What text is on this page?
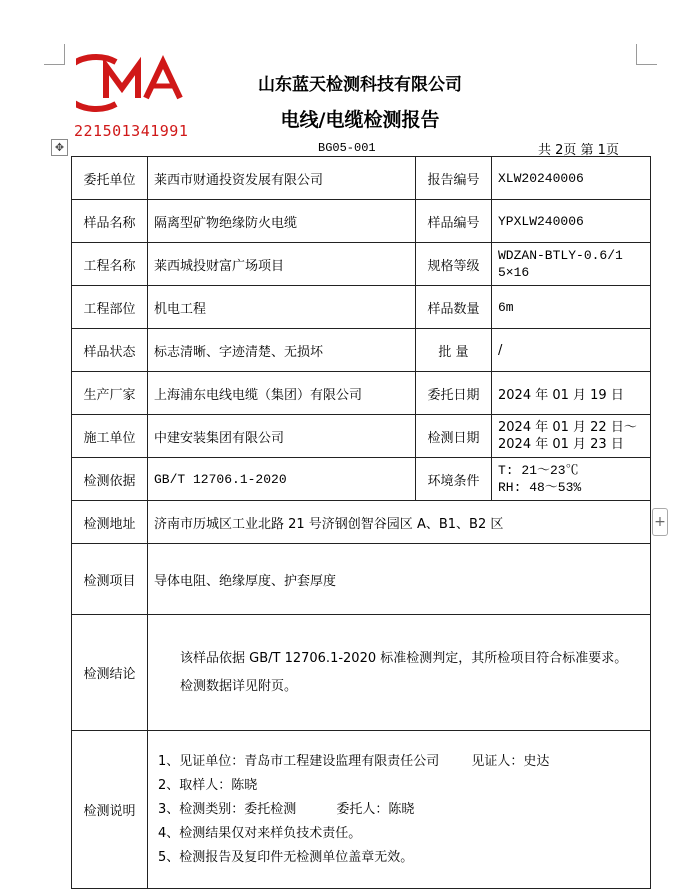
221501341991
山东蓝天检测科技有限公司
电线/电缆检测报告
✥	BG05-001	共 2页 第 1页
委托单位	莱西市财通投资发展有限公司	报告编号	XLW20240006
样品名称	隔离型矿物绝缘防火电缆	样品编号	YPXLW240006
工程名称	莱西城投财富广场项目	规格等级	WDZAN-BTLY-0.6/1 5×16
工程部位	机电工程	样品数量	6m
样品状态	标志清晰、字迹清楚、无损坏	批 量	/
生产厂家	上海浦东电线电缆（集团）有限公司	委托日期	2024 年 01 月 19 日
施工单位	中建安装集团有限公司	检测日期	2024 年 01 月 22 日～
2024 年 01 月 23 日

检测依据	GB/T 12706.1-2020	环境条件	T: 21～23℃
RH: 48～53%

检测地址	济南市历城区工业北路 21 号济钢创智谷园区 A、B1、B2 区		
检测项目	导体电阻、绝缘厚度、护套厚度		
检测结论	该样品依据 GB/T 12706.1-2020 标准检测判定，其所检项目符合标准要求。
检测数据详见附页。		

检测说明	1、见证单位：青岛市工程建设监理有限责任公司 见证人：史达
2、取样人：陈晓
3、检测类别：委托检测 委托人：陈晓
4、检测结果仅对来样负技术责任。
5、检测报告及复印件无检测单位盖章无效。		
+
